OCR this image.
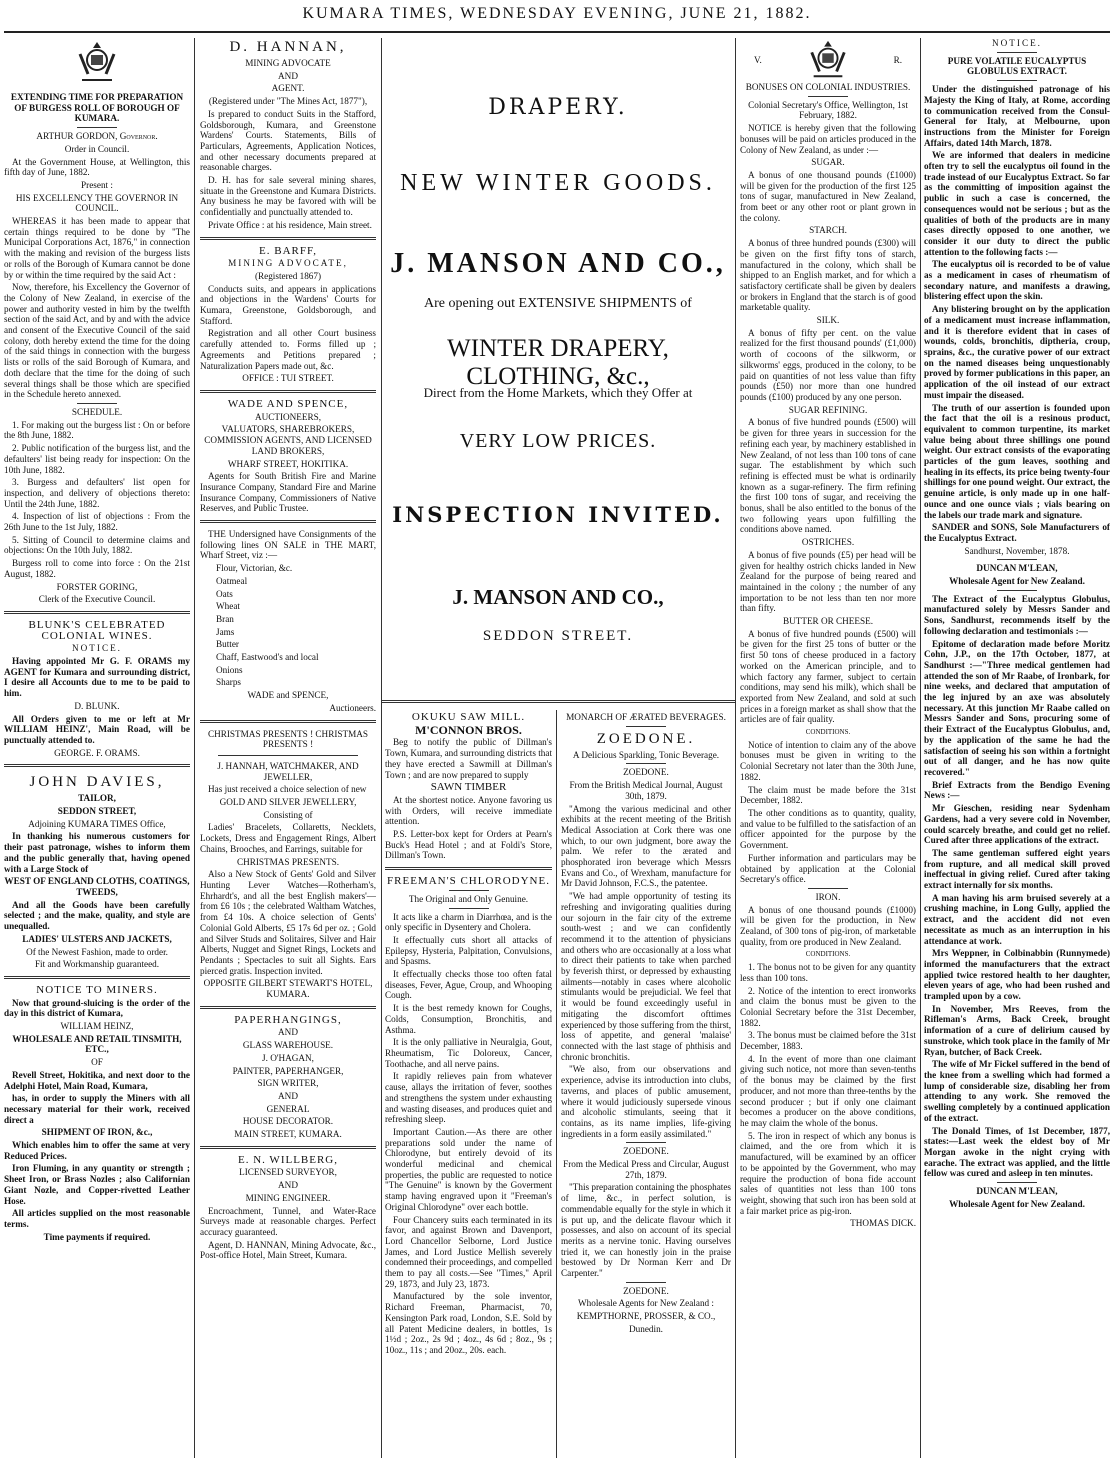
KUMARA TIMES, WEDNESDAY EVENING, JUNE 21, 1882.

EXTENDING TIME FOR PREPARATION OF BURGESS ROLL OF BOROUGH OF KUMARA.

ARTHUR GORDON, Governor.

Order in Council.

At the Government House, at Wellington, this fifth day of June, 1882.

Present :

HIS EXCELLENCY THE GOVERNOR IN COUNCIL.

WHEREAS it has been made to appear that certain things required to be done by "The Municipal Corporations Act, 1876," in connection with the making and revision of the burgess lists or rolls of the Borough of Kumara cannot be done by or within the time required by the said Act :

Now, therefore, his Excellency the Governor of the Colony of New Zealand, in exercise of the power and authority vested in him by the twelfth section of the said Act, and by and with the advice and consent of the Executive Council of the said colony, doth hereby extend the time for the doing of the said things in connection with the burgess lists or rolls of the said Borough of Kumara, and doth declare that the time for the doing of such several things shall be those which are specified in the Schedule hereto annexed.

SCHEDULE.

1. For making out the burgess list : On or before the 8th June, 1882.

2. Public notification of the burgess list, and the defaulters' list being ready for inspection: On the 10th June, 1882.

3. Burgess and defaulters' list open for inspection, and delivery of objections thereto: Until the 24th June, 1882.

4. Inspection of list of objections : From the 26th June to the 1st July, 1882.

5. Sitting of Council to determine claims and objections: On the 10th July, 1882.

Burgess roll to come into force : On the 21st August, 1882.

FORSTER GORING,

Clerk of the Executive Council.

BLUNK'S CELEBRATED COLONIAL WINES.

NOTICE.

Having appointed Mr G. F. ORAMS my AGENT for Kumara and surrounding district, I desire all Accounts due to me to be paid to him.

D. BLUNK.

All Orders given to me or left at Mr WILLIAM HEINZ', Main Road, will be punctually attended to.

GEORGE. F. ORAMS.

JOHN DAVIES,

TAILOR,

SEDDON STREET,

Adjoining KUMARA TIMES Office,

In thanking his numerous customers for their past patronage, wishes to inform them and the public generally that, having opened with a Large Stock of

WEST OF ENGLAND CLOTHS, COATINGS, TWEEDS,

And all the Goods have been carefully selected ; and the make, quality, and style are unequalled.

LADIES' ULSTERS AND JACKETS,

Of the Newest Fashion, made to order.

Fit and Workmanship guaranteed.

NOTICE TO MINERS.

Now that ground-sluicing is the order of the day in this district of Kumara,

WILLIAM HEINZ,

WHOLESALE AND RETAIL TINSMITH, ETC.,

OF

Revell Street, Hokitika, and next door to the Adelphi Hotel, Main Road, Kumara,

has, in order to supply the Miners with all necessary material for their work, received direct a

SHIPMENT OF IRON, &c.,

Which enables him to offer the same at very Reduced Prices.

Iron Fluming, in any quantity or strength ; Sheet Iron, or Brass Nozles ; also Californian Giant Nozle, and Copper-rivetted Leather Hose.

All articles supplied on the most reasonable terms.

Time payments if required.

D. HANNAN,

MINING ADVOCATE

AND

AGENT.

(Registered under "The Mines Act, 1877"),

Is prepared to conduct Suits in the Stafford, Goldsborough, Kumara, and Greenstone Wardens' Courts. Statements, Bills of Particulars, Agreements, Application Notices, and other necessary documents prepared at reasonable charges.

D. H. has for sale several mining shares, situate in the Greenstone and Kumara Districts. Any business he may be favored with will be confidentially and punctually attended to.

Private Office : at his residence, Main street.

E. BARFF,

MINING ADVOCATE,

(Registered 1867)

Conducts suits, and appears in applications and objections in the Wardens' Courts for Kumara, Greenstone, Goldsborough, and Stafford.

Registration and all other Court business carefully attended to. Forms filled up ; Agreements and Petitions prepared ; Naturalization Papers made out, &c.

OFFICE : TUI STREET.

WADE AND SPENCE,

AUCTIONEERS,

VALUATORS, SHAREBROKERS, COMMISSION AGENTS, AND LICENSED LAND BROKERS,

WHARF STREET, HOKITIKA.

Agents for South British Fire and Marine Insurance Company, Standard Fire and Marine Insurance Company, Commissioners of Native Reserves, and Public Trustee.

THE Undersigned have Consignments of the following lines ON SALE in THE MART, Wharf Street, viz :—

Flour, Victorian, &c.

Oatmeal

Oats

Wheat

Bran

Jams

Butter

Chaff, Eastwood's and local

Onions

Sharps

WADE and SPENCE,

Auctioneers.

CHRISTMAS PRESENTS ! CHRISTMAS PRESENTS !

J. HANNAH, WATCHMAKER, AND JEWELLER,

Has just received a choice selection of new

GOLD AND SILVER JEWELLERY,

Consisting of

Ladies' Bracelets, Collaretts, Necklets, Lockets, Dress and Engagement Rings, Albert Chains, Brooches, and Earrings, suitable for

CHRISTMAS PRESENTS.

Also a New Stock of Gents' Gold and Silver Hunting Lever Watches—Rotherham's, Ehrhardt's, and all the best English makers'—from £6 10s ; the celebrated Waltham Watches, from £4 10s. A choice selection of Gents' Colonial Gold Alberts, £5 17s 6d per oz. ; Gold and Silver Studs and Solitaires, Silver and Hair Alberts, Nugget and Signet Rings, Lockets and Pendants ; Spectacles to suit all Sights. Ears pierced gratis. Inspection invited.

OPPOSITE GILBERT STEWART'S HOTEL, KUMARA.

PAPERHANGINGS,

AND

GLASS WAREHOUSE.

J. O'HAGAN,

PAINTER, PAPERHANGER,

SIGN WRITER,

AND

GENERAL

HOUSE DECORATOR.

MAIN STREET, KUMARA.

E. N. WILLBERG,

LICENSED SURVEYOR,

AND

MINING ENGINEER.

Encroachment, Tunnel, and Water-Race Surveys made at reasonable charges. Perfect accuracy guaranteed.

Agent, D. HANNAN, Mining Advocate, &c., Post-office Hotel, Main Street, Kumara.

DRAPERY.
NEW WINTER GOODS.
J. MANSON AND CO.,
Are opening out EXTENSIVE SHIPMENTS of
WINTER DRAPERY, CLOTHING, &c.,
Direct from the Home Markets, which they Offer at
VERY LOW PRICES.
INSPECTION INVITED.
J. MANSON AND CO.,
SEDDON STREET.

OKUKU SAW MILL.

M'CONNON BROS.

Beg to notify the public of Dillman's Town, Kumara, and surrounding districts that they have erected a Sawmill at Dillman's Town ; and are now prepared to supply

SAWN TIMBER

At the shortest notice. Anyone favoring us with Orders, will receive immediate attention.

P.S. Letter-box kept for Orders at Pearn's Buck's Head Hotel ; and at Foldi's Store, Dillman's Town.

FREEMAN'S CHLORODYNE.

The Original and Only Genuine.

It acts like a charm in Diarrhœa, and is the only specific in Dysentery and Cholera.

It effectually cuts short all attacks of Epilepsy, Hysteria, Palpitation, Convulsions, and Spasms.

It effectually checks those too often fatal diseases, Fever, Ague, Croup, and Whooping Cough.

It is the best remedy known for Coughs, Colds, Consumption, Bronchitis, and Asthma.

It is the only palliative in Neuralgia, Gout, Rheumatism, Tic Doloreux, Cancer, Toothache, and all nerve pains.

It rapidly relieves pain from whatever cause, allays the irritation of fever, soothes and strengthens the system under exhausting and wasting diseases, and produces quiet and refreshing sleep.

Important Caution.—As there are other preparations sold under the name of Chlorodyne, but entirely devoid of its wonderful medicinal and chemical properties, the public are requested to notice "The Genuine" is known by the Goverment stamp having engraved upon it "Freeman's Original Chlorodyne" over each bottle.

Four Chancery suits each terminated in its favor, and against Brown and Davenport, Lord Chancellor Selborne, Lord Justice James, and Lord Justice Mellish severely condemned their proceedings, and compelled them to pay all costs.—See "Times," April 29, 1873, and July 23, 1873.

Manufactured by the sole inventor, Richard Freeman, Pharmacist, 70, Kensington Park road, London, S.E. Sold by all Patent Medicine dealers, in bottles, 1s 1½d ; 2oz., 2s 9d ; 4oz., 4s 6d ; 8oz., 9s ; 10oz., 11s ; and 20oz., 20s. each.

MONARCH OF ÆRATED BEVERAGES.

ZOEDONE.

A Delicious Sparkling, Tonic Beverage.

ZOEDONE.

From the British Medical Journal, August 30th, 1879.

"Among the various medicinal and other exhibits at the recent meeting of the British Medical Association at Cork there was one which, to our own judgment, bore away the palm. We refer to the ærated and phosphorated iron beverage which Messrs Evans and Co., of Wrexham, manufacture for Mr David Johnson, F.C.S., the patentee.

"We had ample opportunity of testing its refreshing and invigorating qualities during our sojourn in the fair city of the extreme south-west ; and we can confidently recommend it to the attention of physicians and others who are occasionally at a loss what to direct their patients to take when parched by feverish thirst, or depressed by exhausting ailments—notably in cases where alcoholic stimulants would be prejudicial. We feel that it would be found exceedingly useful in mitigating the discomfort ofttimes experienced by those suffering from the thirst, loss of appetite, and general 'malaise' connected with the last stage of phthisis and chronic bronchitis.

"We also, from our observations and experience, advise its introduction into clubs, taverns, and places of public amusement, where it would judiciously supersede vinous and alcoholic stimulants, seeing that it contains, as its name implies, life-giving ingredients in a form easily assimilated."

ZOEDONE.

From the Medical Press and Circular, August 27th, 1879.

"This preparation containing the phosphates of lime, &c., in perfect solution, is commendable equally for the style in which it is put up, and the delicate flavour which it possesses, and also on account of its special merits as a nervine tonic. Having ourselves tried it, we can honestly join in the praise bestowed by Dr Norman Kerr and Dr Carpenter."

ZOEDONE.

Wholesale Agents for New Zealand :

KEMPTHORNE, PROSSER, & CO.,

Dunedin.

V.	R.

BONUSES ON COLONIAL INDUSTRIES.

Colonial Secretary's Office, Wellington, 1st February, 1882.

NOTICE is hereby given that the following bonuses will be paid on articles produced in the Colony of New Zealand, as under :—

SUGAR.

A bonus of one thousand pounds (£1000) will be given for the production of the first 125 tons of sugar, manufactured in New Zealand, from beet or any other root or plant grown in the colony.

STARCH.

A bonus of three hundred pounds (£300) will be given on the first fifty tons of starch, manufactured in the colony, which shall be shipped to an English market, and for which a satisfactory certificate shall be given by dealers or brokers in England that the starch is of good marketable quality.

SILK.

A bonus of fifty per cent. on the value realized for the first thousand pounds' (£1,000) worth of cocoons of the silkworm, or silkworms' eggs, produced in the colony, to be paid on quantities of not less value than fifty pounds (£50) nor more than one hundred pounds (£100) produced by any one person.

SUGAR REFINING.

A bonus of five hundred pounds (£500) will be given for three years in succession for the refining each year, by machinery established in New Zealand, of not less than 100 tons of cane sugar. The establishment by which such refining is effected must be what is ordinarily known as a sugar-refinery. The firm refining the first 100 tons of sugar, and receiving the bonus, shall be also entitled to the bonus of the two following years upon fulfilling the conditions above named.

OSTRICHES.

A bonus of five pounds (£5) per head will be given for healthy ostrich chicks landed in New Zealand for the purpose of being reared and maintained in the colony ; the number of any importation to be not less than ten nor more than fifty.

BUTTER OR CHEESE.

A bonus of five hundred pounds (£500) will be given for the first 25 tons of butter or the first 50 tons of cheese produced in a factory worked on the American principle, and to which factory any farmer, subject to certain conditions, may send his milk), which shall be exported from New Zealand, and sold at such prices in a foreign market as shall show that the articles are of fair quality.

CONDITIONS.

Notice of intention to claim any of the above bonuses must be given in writing to the Colonial Secretary not later than the 30th June, 1882.

The claim must be made before the 31st December, 1882.

The other conditions as to quantity, quality, and value to be fulfilled to the satisfaction of an officer appointed for the purpose by the Government.

Further information and particulars may be obtained by application at the Colonial Secretary's office.

IRON.

A bonus of one thousand pounds (£1000) will be given for the production, in New Zealand, of 300 tons of pig-iron, of marketable quality, from ore produced in New Zealand.

CONDITIONS.

1. The bonus not to be given for any quantity less than 100 tons.

2. Notice of the intention to erect ironworks and claim the bonus must be given to the Colonial Secretary before the 31st December, 1882.

3. The bonus must be claimed before the 31st December, 1883.

4. In the event of more than one claimant giving such notice, not more than seven-tenths of the bonus may be claimed by the first producer, and not more than three-tenths by the second producer ; but if only one claimant becomes a producer on the above conditions, he may claim the whole of the bonus.

5. The iron in respect of which any bonus is claimed, and the ore from which it is manufactured, will be examined by an officer to be appointed by the Government, who may require the production of bona fide account sales of quantities not less than 100 tons weight, showing that such iron has been sold at a fair market price as pig-iron.

THOMAS DICK.

NOTICE.

PURE VOLATILE EUCALYPTUS GLOBULUS EXTRACT.

Under the distinguished patronage of his Majesty the King of Italy, at Rome, according to communication received from the Consul-General for Italy, at Melbourne, upon instructions from the Minister for Foreign Affairs, dated 14th March, 1878.

We are informed that dealers in medicine often try to sell the eucalyptus oil found in the trade instead of our Eucalyptus Extract. So far as the committing of imposition against the public in such a case is concerned, the consequences would not be serious ; but as the qualities of both of the products are in many cases directly opposed to one another, we consider it our duty to direct the public attention to the following facts :—

The eucalyptus oil is recorded to be of value as a medicament in cases of rheumatism of secondary nature, and manifests a drawing, blistering effect upon the skin.

Any blistering brought on by the application of a medicament must increase inflammation, and it is therefore evident that in cases of wounds, colds, bronchitis, diptheria, croup, sprains, &c., the curative power of our extract on the named diseases being unquestionably proved by former publications in this paper, an application of the oil instead of our extract must impair the diseased.

The truth of our assertion is founded upon the fact that the oil is a resinous product, equivalent to common turpentine, its market value being about three shillings one pound weight. Our extract consists of the evaporating particles of the gum leaves, soothing and healing in its effects, its price being twenty-four shillings for one pound weight. Our extract, the genuine article, is only made up in one half-ounce and one ounce vials ; vials bearing on the labels our trade mark and signature.

SANDER and SONS, Sole Manufacturers of the Eucalyptus Extract.

Sandhurst, November, 1878.

DUNCAN M'LEAN,

Wholesale Agent for New Zealand.

The Extract of the Eucalyptus Globulus, manufactured solely by Messrs Sander and Sons, Sandhurst, recommends itself by the following declaration and testimonials :—

Epitome of declaration made before Moritz Cohn, J.P., on the 17th October, 1877, at Sandhurst :—"Three medical gentlemen had attended the son of Mr Raabe, of Ironbark, for nine weeks, and declared that amputation of the leg injured by an axe was absolutely necessary. At this junction Mr Raabe called on Messrs Sander and Sons, procuring some of their Extract of the Eucalyptus Globulus, and, by the application of the same he had the satisfaction of seeing his son within a fortnight out of all danger, and he has now quite recovered."

Brief Extracts from the Bendigo Evening News :—

Mr Gieschen, residing near Sydenham Gardens, had a very severe cold in November, could scarcely breathe, and could get no relief. Cured after three applications of the extract.

The same gentleman suffered eight years from rupture, and all medical skill proved ineffectual in giving relief. Cured after taking extract internally for six months.

A man having his arm bruised severely at a crushing machine, in Long Gully, applied the extract, and the accident did not even necessitate as much as an interruption in his attendance at work.

Mrs Weppner, in Colbinabbin (Runnymede) informed the manufacturers that the extract applied twice restored health to her daughter, eleven years of age, who had been rushed and trampled upon by a cow.

In November, Mrs Reeves, from the Rifleman's Arms, Back Creek, brought information of a cure of delirium caused by sunstroke, which took place in the family of Mr Ryan, butcher, of Back Creek.

The wife of Mr Fickel suffered in the bend of the knee from a swelling which had formed a lump of considerable size, disabling her from attending to any work. She removed the swelling completely by a continued application of the extract.

The Donald Times, of 1st December, 1877, states:—Last week the eldest boy of Mr Morgan awoke in the night crying with earache. The extract was applied, and the little fellow was cured and asleep in ten minutes.

DUNCAN M'LEAN,

Wholesale Agent for New Zealand.
